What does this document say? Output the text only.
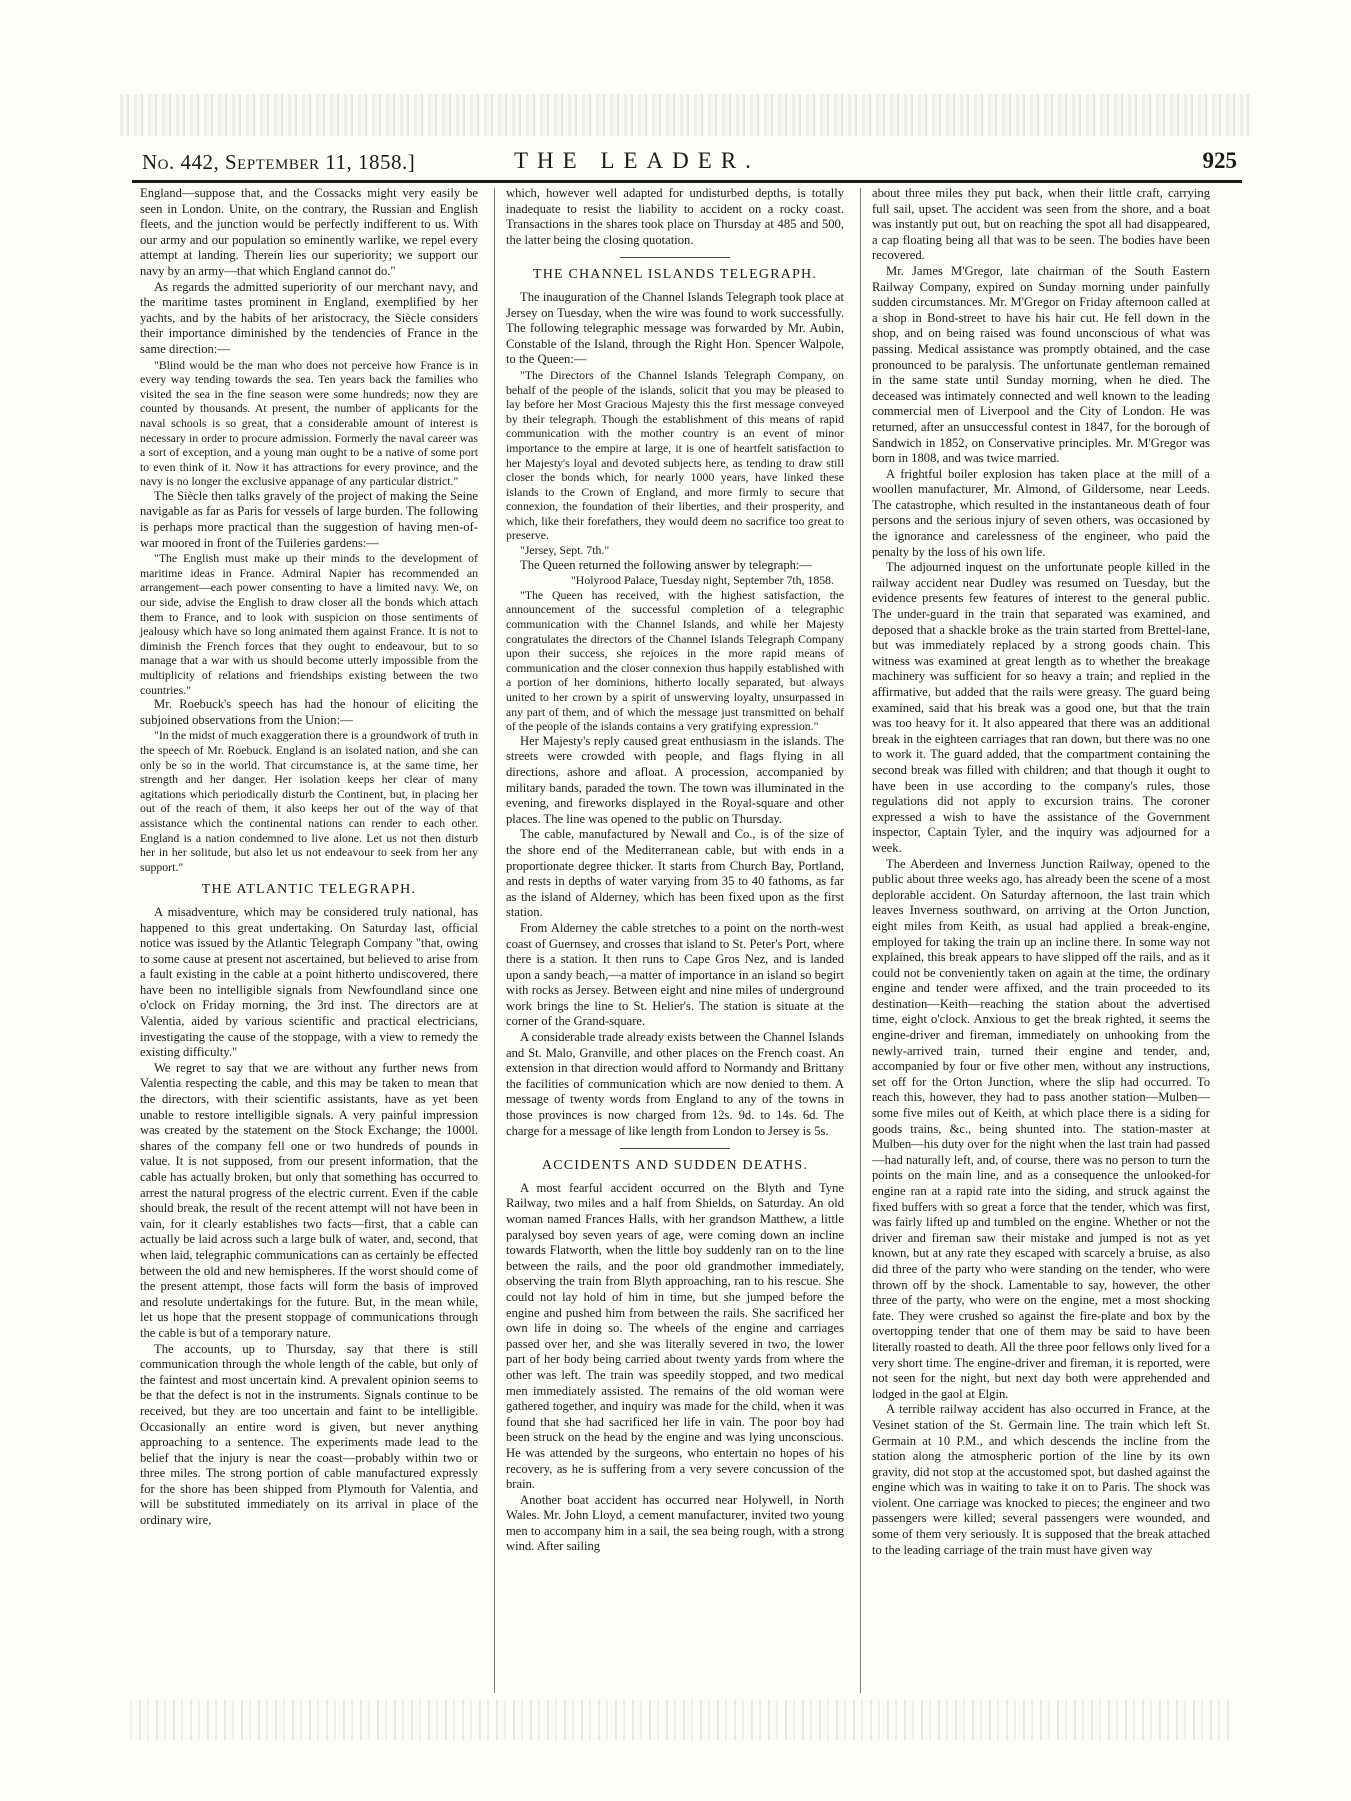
No. 442, September 11, 1858.]	THE LEADER.	925

England—suppose that, and the Cossacks might very easily be seen in London. Unite, on the contrary, the Russian and English fleets, and the junction would be perfectly indifferent to us. With our army and our population so eminently warlike, we repel every attempt at landing. Therein lies our superiority; we support our navy by an army—that which England cannot do."

As regards the admitted superiority of our merchant navy, and the maritime tastes prominent in England, exemplified by her yachts, and by the habits of her aristocracy, the Siècle considers their importance diminished by the tendencies of France in the same direction:—

"Blind would be the man who does not perceive how France is in every way tending towards the sea. Ten years back the families who visited the sea in the fine season were some hundreds; now they are counted by thousands. At present, the number of applicants for the naval schools is so great, that a considerable amount of interest is necessary in order to procure admission. Formerly the naval career was a sort of exception, and a young man ought to be a native of some port to even think of it. Now it has attractions for every province, and the navy is no longer the exclusive appanage of any particular district."

The Siècle then talks gravely of the project of making the Seine navigable as far as Paris for vessels of large burden. The following is perhaps more practical than the suggestion of having men-of-war moored in front of the Tuileries gardens:—

"The English must make up their minds to the development of maritime ideas in France. Admiral Napier has recommended an arrangement—each power consenting to have a limited navy. We, on our side, advise the English to draw closer all the bonds which attach them to France, and to look with suspicion on those sentiments of jealousy which have so long animated them against France. It is not to diminish the French forces that they ought to endeavour, but to so manage that a war with us should become utterly impossible from the multiplicity of relations and friendships existing between the two countries."

Mr. Roebuck's speech has had the honour of eliciting the subjoined observations from the Union:—

"In the midst of much exaggeration there is a groundwork of truth in the speech of Mr. Roebuck. England is an isolated nation, and she can only be so in the world. That circumstance is, at the same time, her strength and her danger. Her isolation keeps her clear of many agitations which periodically disturb the Continent, but, in placing her out of the reach of them, it also keeps her out of the way of that assistance which the continental nations can render to each other. England is a nation condemned to live alone. Let us not then disturb her in her solitude, but also let us not endeavour to seek from her any support."

THE ATLANTIC TELEGRAPH.

A misadventure, which may be considered truly national, has happened to this great undertaking. On Saturday last, official notice was issued by the Atlantic Telegraph Company "that, owing to some cause at present not ascertained, but believed to arise from a fault existing in the cable at a point hitherto undiscovered, there have been no intelligible signals from Newfoundland since one o'clock on Friday morning, the 3rd inst. The directors are at Valentia, aided by various scientific and practical electricians, investigating the cause of the stoppage, with a view to remedy the existing difficulty."

We regret to say that we are without any further news from Valentia respecting the cable, and this may be taken to mean that the directors, with their scientific assistants, have as yet been unable to restore intelligible signals. A very painful impression was created by the statement on the Stock Exchange; the 1000l. shares of the company fell one or two hundreds of pounds in value. It is not supposed, from our present information, that the cable has actually broken, but only that something has occurred to arrest the natural progress of the electric current. Even if the cable should break, the result of the recent attempt will not have been in vain, for it clearly establishes two facts—first, that a cable can actually be laid across such a large bulk of water, and, second, that when laid, telegraphic communications can as certainly be effected between the old and new hemispheres. If the worst should come of the present attempt, those facts will form the basis of improved and resolute undertakings for the future. But, in the mean while, let us hope that the present stoppage of communications through the cable is but of a temporary nature.

The accounts, up to Thursday, say that there is still communication through the whole length of the cable, but only of the faintest and most uncertain kind. A prevalent opinion seems to be that the defect is not in the instruments. Signals continue to be received, but they are too uncertain and faint to be intelligible. Occasionally an entire word is given, but never anything approaching to a sentence. The experiments made lead to the belief that the injury is near the coast—probably within two or three miles. The strong portion of cable manufactured expressly for the shore has been shipped from Plymouth for Valentia, and will be substituted immediately on its arrival in place of the ordinary wire,

which, however well adapted for undisturbed depths, is totally inadequate to resist the liability to accident on a rocky coast. Transactions in the shares took place on Thursday at 485 and 500, the latter being the closing quotation.

THE CHANNEL ISLANDS TELEGRAPH.

The inauguration of the Channel Islands Telegraph took place at Jersey on Tuesday, when the wire was found to work successfully. The following telegraphic message was forwarded by Mr. Aubin, Constable of the Island, through the Right Hon. Spencer Walpole, to the Queen:—

"The Directors of the Channel Islands Telegraph Company, on behalf of the people of the islands, solicit that you may be pleased to lay before her Most Gracious Majesty this the first message conveyed by their telegraph. Though the establishment of this means of rapid communication with the mother country is an event of minor importance to the empire at large, it is one of heartfelt satisfaction to her Majesty's loyal and devoted subjects here, as tending to draw still closer the bonds which, for nearly 1000 years, have linked these islands to the Crown of England, and more firmly to secure that connexion, the foundation of their liberties, and their prosperity, and which, like their forefathers, they would deem no sacrifice too great to preserve.

"Jersey, Sept. 7th."

The Queen returned the following answer by telegraph:—

"Holyrood Palace, Tuesday night, September 7th, 1858.

"The Queen has received, with the highest satisfaction, the announcement of the successful completion of a telegraphic communication with the Channel Islands, and while her Majesty congratulates the directors of the Channel Islands Telegraph Company upon their success, she rejoices in the more rapid means of communication and the closer connexion thus happily established with a portion of her dominions, hitherto locally separated, but always united to her crown by a spirit of unswerving loyalty, unsurpassed in any part of them, and of which the message just transmitted on behalf of the people of the islands contains a very gratifying expression."

Her Majesty's reply caused great enthusiasm in the islands. The streets were crowded with people, and flags flying in all directions, ashore and afloat. A procession, accompanied by military bands, paraded the town. The town was illuminated in the evening, and fireworks displayed in the Royal-square and other places. The line was opened to the public on Thursday.

The cable, manufactured by Newall and Co., is of the size of the shore end of the Mediterranean cable, but with ends in a proportionate degree thicker. It starts from Church Bay, Portland, and rests in depths of water varying from 35 to 40 fathoms, as far as the island of Alderney, which has been fixed upon as the first station.

From Alderney the cable stretches to a point on the north-west coast of Guernsey, and crosses that island to St. Peter's Port, where there is a station. It then runs to Cape Gros Nez, and is landed upon a sandy beach,—a matter of importance in an island so begirt with rocks as Jersey. Between eight and nine miles of underground work brings the line to St. Helier's. The station is situate at the corner of the Grand-square.

A considerable trade already exists between the Channel Islands and St. Malo, Granville, and other places on the French coast. An extension in that direction would afford to Normandy and Brittany the facilities of communication which are now denied to them. A message of twenty words from England to any of the towns in those provinces is now charged from 12s. 9d. to 14s. 6d. The charge for a message of like length from London to Jersey is 5s.

ACCIDENTS AND SUDDEN DEATHS.

A most fearful accident occurred on the Blyth and Tyne Railway, two miles and a half from Shields, on Saturday. An old woman named Frances Halls, with her grandson Matthew, a little paralysed boy seven years of age, were coming down an incline towards Flatworth, when the little boy suddenly ran on to the line between the rails, and the poor old grandmother immediately, observing the train from Blyth approaching, ran to his rescue. She could not lay hold of him in time, but she jumped before the engine and pushed him from between the rails. She sacrificed her own life in doing so. The wheels of the engine and carriages passed over her, and she was literally severed in two, the lower part of her body being carried about twenty yards from where the other was left. The train was speedily stopped, and two medical men immediately assisted. The remains of the old woman were gathered together, and inquiry was made for the child, when it was found that she had sacrificed her life in vain. The poor boy had been struck on the head by the engine and was lying unconscious. He was attended by the surgeons, who entertain no hopes of his recovery, as he is suffering from a very severe concussion of the brain.

Another boat accident has occurred near Holywell, in North Wales. Mr. John Lloyd, a cement manufacturer, invited two young men to accompany him in a sail, the sea being rough, with a strong wind. After sailing

about three miles they put back, when their little craft, carrying full sail, upset. The accident was seen from the shore, and a boat was instantly put out, but on reaching the spot all had disappeared, a cap floating being all that was to be seen. The bodies have been recovered.

Mr. James M'Gregor, late chairman of the South Eastern Railway Company, expired on Sunday morning under painfully sudden circumstances. Mr. M'Gregor on Friday afternoon called at a shop in Bond-street to have his hair cut. He fell down in the shop, and on being raised was found unconscious of what was passing. Medical assistance was promptly obtained, and the case pronounced to be paralysis. The unfortunate gentleman remained in the same state until Sunday morning, when he died. The deceased was intimately connected and well known to the leading commercial men of Liverpool and the City of London. He was returned, after an unsuccessful contest in 1847, for the borough of Sandwich in 1852, on Conservative principles. Mr. M'Gregor was born in 1808, and was twice married.

A frightful boiler explosion has taken place at the mill of a woollen manufacturer, Mr. Almond, of Gildersome, near Leeds. The catastrophe, which resulted in the instantaneous death of four persons and the serious injury of seven others, was occasioned by the ignorance and carelessness of the engineer, who paid the penalty by the loss of his own life.

The adjourned inquest on the unfortunate people killed in the railway accident near Dudley was resumed on Tuesday, but the evidence presents few features of interest to the general public. The under-guard in the train that separated was examined, and deposed that a shackle broke as the train started from Brettel-lane, but was immediately replaced by a strong goods chain. This witness was examined at great length as to whether the breakage machinery was sufficient for so heavy a train; and replied in the affirmative, but added that the rails were greasy. The guard being examined, said that his break was a good one, but that the train was too heavy for it. It also appeared that there was an additional break in the eighteen carriages that ran down, but there was no one to work it. The guard added, that the compartment containing the second break was filled with children; and that though it ought to have been in use according to the company's rules, those regulations did not apply to excursion trains. The coroner expressed a wish to have the assistance of the Government inspector, Captain Tyler, and the inquiry was adjourned for a week.

The Aberdeen and Inverness Junction Railway, opened to the public about three weeks ago, has already been the scene of a most deplorable accident. On Saturday afternoon, the last train which leaves Inverness southward, on arriving at the Orton Junction, eight miles from Keith, as usual had applied a break-engine, employed for taking the train up an incline there. In some way not explained, this break appears to have slipped off the rails, and as it could not be conveniently taken on again at the time, the ordinary engine and tender were affixed, and the train proceeded to its destination—Keith—reaching the station about the advertised time, eight o'clock. Anxious to get the break righted, it seems the engine-driver and fireman, immediately on unhooking from the newly-arrived train, turned their engine and tender, and, accompanied by four or five other men, without any instructions, set off for the Orton Junction, where the slip had occurred. To reach this, however, they had to pass another station—Mulben—some five miles out of Keith, at which place there is a siding for goods trains, &c., being shunted into. The station-master at Mulben—his duty over for the night when the last train had passed—had naturally left, and, of course, there was no person to turn the points on the main line, and as a consequence the unlooked-for engine ran at a rapid rate into the siding, and struck against the fixed buffers with so great a force that the tender, which was first, was fairly lifted up and tumbled on the engine. Whether or not the driver and fireman saw their mistake and jumped is not as yet known, but at any rate they escaped with scarcely a bruise, as also did three of the party who were standing on the tender, who were thrown off by the shock. Lamentable to say, however, the other three of the party, who were on the engine, met a most shocking fate. They were crushed so against the fire-plate and box by the overtopping tender that one of them may be said to have been literally roasted to death. All the three poor fellows only lived for a very short time. The engine-driver and fireman, it is reported, were not seen for the night, but next day both were apprehended and lodged in the gaol at Elgin.

A terrible railway accident has also occurred in France, at the Vesinet station of the St. Germain line. The train which left St. Germain at 10 P.M., and which descends the incline from the station along the atmospheric portion of the line by its own gravity, did not stop at the accustomed spot, but dashed against the engine which was in waiting to take it on to Paris. The shock was violent. One carriage was knocked to pieces; the engineer and two passengers were killed; several passengers were wounded, and some of them very seriously. It is supposed that the break attached to the leading carriage of the train must have given way
